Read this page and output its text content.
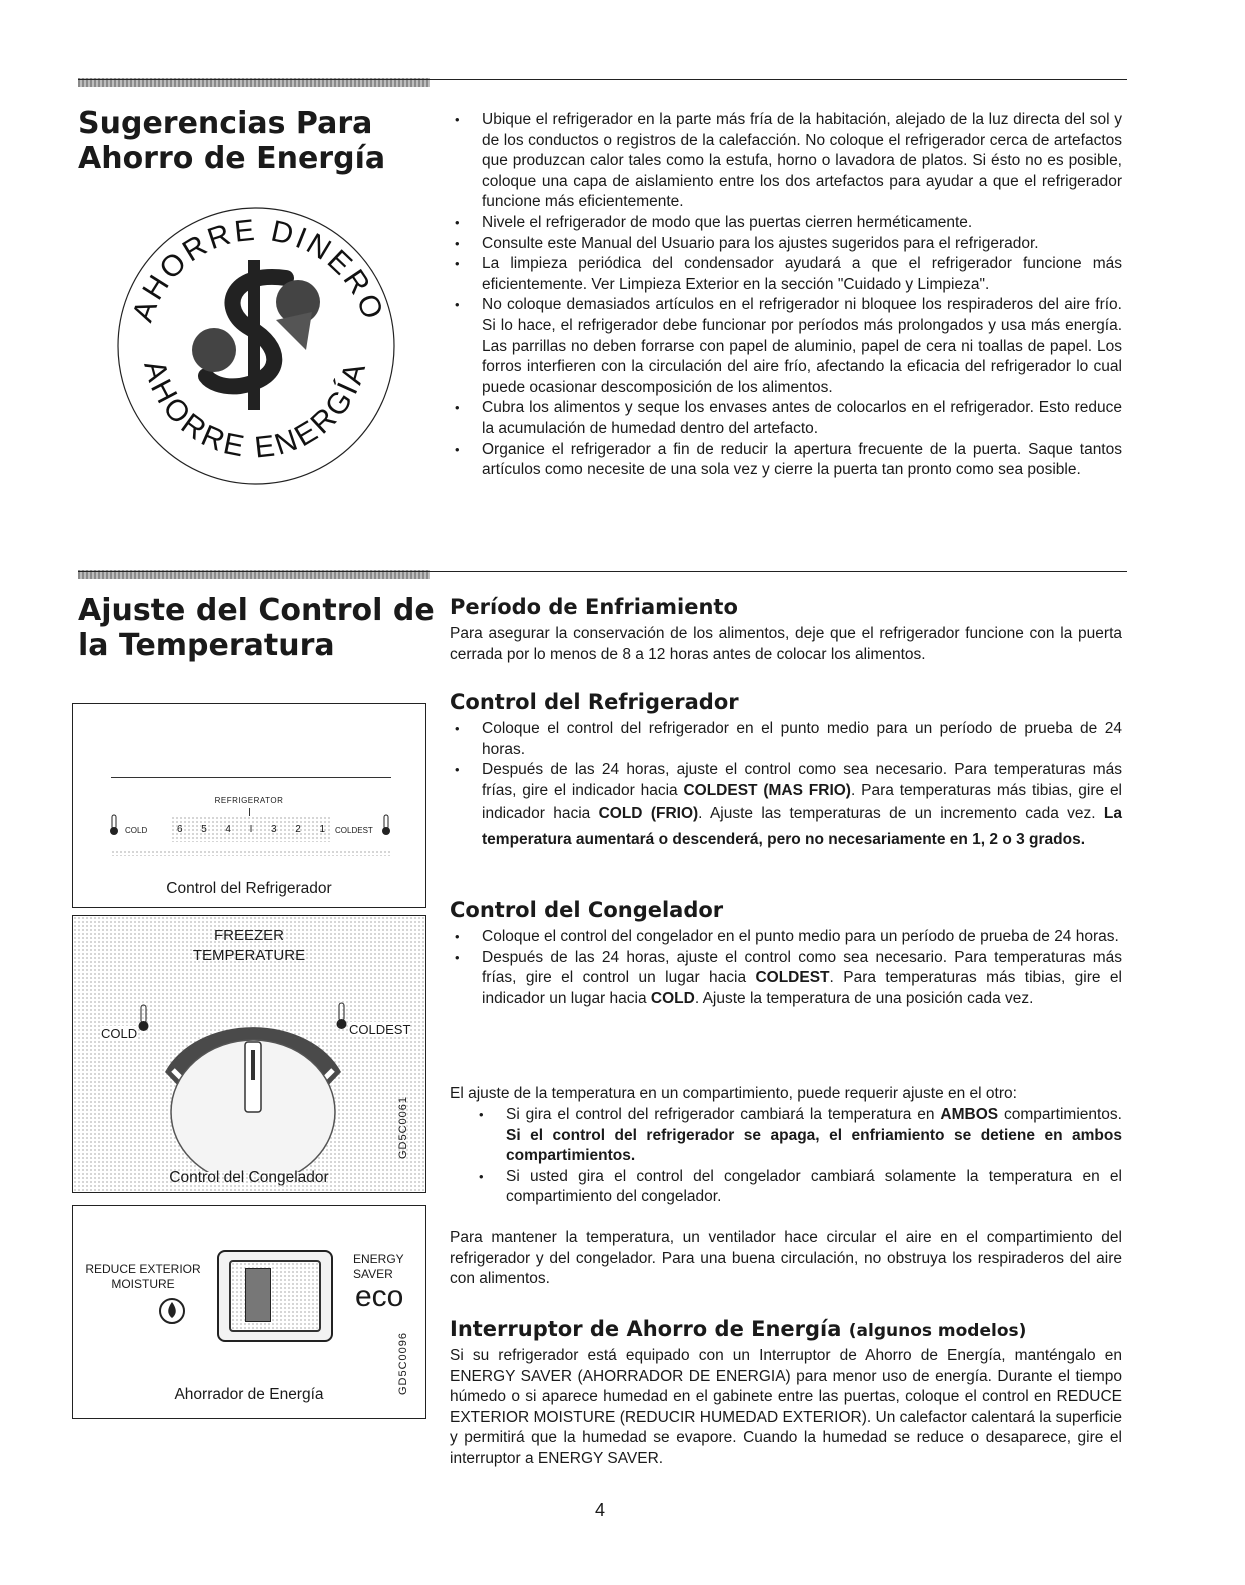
Sugerencias Para
Ahorro de Energía
AHORRE DINERO
AHORRE ENERGÍA
• Ubique el refrigerador en la parte más fría de la habitación, alejado de la luz directa del sol y de los conductos o registros de la calefacción. No coloque el refrigerador cerca de artefactos que produzcan calor tales como la estufa, horno o lavadora de platos. Si ésto no es posible, coloque una capa de aislamiento entre los dos artefactos para ayudar a que el refrigerador funcione más eficientemente.
• Nivele el refrigerador de modo que las puertas cierren herméticamente.
• Consulte este Manual del Usuario para los ajustes sugeridos para el refrigerador.
• La limpieza periódica del condensador ayudará a que el refrigerador funcione más eficientemente. Ver Limpieza Exterior en la sección "Cuidado y Limpieza".
• No coloque demasiados artículos en el refrigerador ni bloquee los respiraderos del aire frío. Si lo hace, el refrigerador debe funcionar por períodos más prolongados y usa más energía. Las parrillas no deben forrarse con papel de aluminio, papel de cera ni toallas de papel. Los forros interfieren con la circulación del aire frío, afectando la eficacia del refrigerador lo cual puede ocasionar descomposición de los alimentos.
• Cubra los alimentos y seque los envases antes de colocarlos en el refrigerador. Esto reduce la acumulación de humedad dentro del artefacto.
• Organice el refrigerador a fin de reducir la apertura frecuente de la puerta. Saque tantos artículos como necesite de una sola vez y cierre la puerta tan pronto como sea posible.
Ajuste del Control de
la Temperatura
REFRIGERATOR
COLD	6 5 4 I 3 2 1 COLDEST
Control del Refrigerador
FREEZER
TEMPERATURE
COLD	COLDEST
GD5C0061
Control del Congelador
REDUCE EXTERIOR
MOISTURE
ENERGY
SAVER
eco
GD5C0096
Ahorrador de Energía
Período de Enfriamiento

Para asegurar la conservación de los alimentos, deje que el refrigerador funcione con la puerta cerrada por lo menos de 8 a 12 horas antes de colocar los alimentos.

Control del Refrigerador
• Coloque el control del refrigerador en el punto medio para un período de prueba de 24 horas.
• Después de las 24 horas, ajuste el control como sea necesario. Para temperaturas más frías, gire el indicador hacia COLDEST (MAS FRIO). Para temperaturas más tibias, gire el indicador hacia COLD (FRIO). Ajuste las temperaturas de un incremento cada vez. La temperatura aumentará o descenderá, pero no necesariamente en 1, 2 o 3 grados.
Control del Congelador
• Coloque el control del congelador en el punto medio para un período de prueba de 24 horas.
• Después de las 24 horas, ajuste el control como sea necesario. Para temperaturas más frías, gire el control un lugar hacia COLDEST. Para temperaturas más tibias, gire el indicador un lugar hacia COLD. Ajuste la temperatura de una posición cada vez.

El ajuste de la temperatura en un compartimiento, puede requerir ajuste en el otro:

• Si gira el control del refrigerador cambiará la temperatura en AMBOS compartimientos. Si el control del refrigerador se apaga, el enfriamiento se detiene en ambos compartimientos.
• Si usted gira el control del congelador cambiará solamente la temperatura en el compartimiento del congelador.

Para mantener la temperatura, un ventilador hace circular el aire en el compartimiento del refrigerador y del congelador. Para una buena circulación, no obstruya los respiraderos del aire con alimentos.

Interruptor de Ahorro de Energía (algunos modelos)

Si su refrigerador está equipado con un Interruptor de Ahorro de Energía, manténgalo en ENERGY SAVER (AHORRADOR DE ENERGIA) para menor uso de energía. Durante el tiempo húmedo o si aparece humedad en el gabinete entre las puertas, coloque el control en REDUCE EXTERIOR MOISTURE (REDUCIR HUMEDAD EXTERIOR). Un calefactor calentará la superficie y permitirá que la humedad se evapore. Cuando la humedad se reduce o desaparece, gire el interruptor a ENERGY SAVER.

4
